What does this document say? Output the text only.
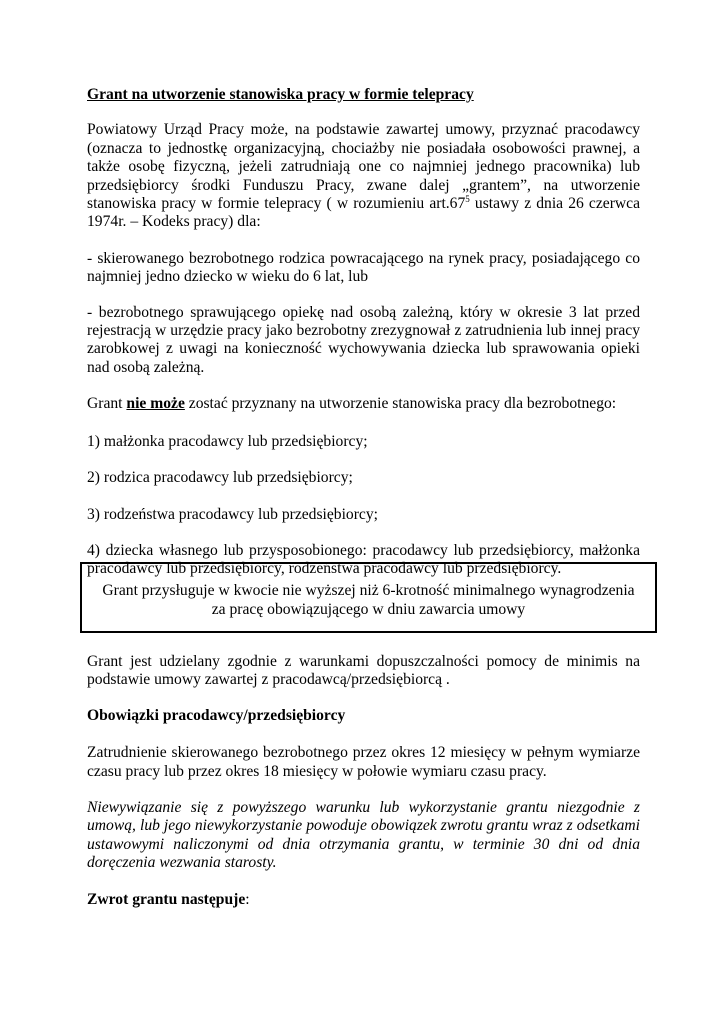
Grant na utworzenie stanowiska pracy w formie telepracy

Powiatowy Urząd Pracy może, na podstawie zawartej umowy, przyznać pracodawcy (oznacza to jednostkę organizacyjną, chociażby nie posiadała osobowości prawnej, a także osobę fizyczną, jeżeli zatrudniają one co najmniej jednego pracownika) lub przedsiębiorcy środki Funduszu Pracy, zwane dalej „grantem”, na utworzenie stanowiska pracy w formie telepracy ( w rozumieniu $art.67^5$ ustawy z dnia 26 czerwca 1974r. – Kodeks pracy) dla:

- skierowanego bezrobotnego rodzica powracającego na rynek pracy, posiadającego co najmniej jedno dziecko w wieku do 6 lat, lub

- bezrobotnego sprawującego opiekę nad osobą zależną, który w okresie 3 lat przed rejestracją w urzędzie pracy jako bezrobotny zrezygnował z zatrudnienia lub innej pracy zarobkowej z uwagi na konieczność wychowywania dziecka lub sprawowania opieki nad osobą zależną.

Grant nie może zostać przyznany na utworzenie stanowiska pracy dla bezrobotnego:

1) małżonka pracodawcy lub przedsiębiorcy;

2) rodzica pracodawcy lub przedsiębiorcy;

3) rodzeństwa pracodawcy lub przedsiębiorcy;

4) dziecka własnego lub przysposobionego: pracodawcy lub przedsiębiorcy, małżonka pracodawcy lub przedsiębiorcy, rodzeństwa pracodawcy lub przedsiębiorcy.

Grant przysługuje w kwocie nie wyższej niż 6-krotność minimalnego wynagrodzenia
za pracę obowiązującego w dniu zawarcia umowy

Grant jest udzielany zgodnie z warunkami dopuszczalności pomocy de minimis na podstawie umowy zawartej z pracodawcą/przedsiębiorcą .

Obowiązki pracodawcy/przedsiębiorcy

Zatrudnienie skierowanego bezrobotnego przez okres 12 miesięcy w pełnym wymiarze czasu pracy lub przez okres 18 miesięcy w połowie wymiaru czasu pracy.

Niewywiązanie się z powyższego warunku lub wykorzystanie grantu niezgodnie z umową, lub jego niewykorzystanie powoduje obowiązek zwrotu grantu wraz z odsetkami ustawowymi naliczonymi od dnia otrzymania grantu, w terminie 30 dni od dnia doręczenia wezwania starosty.

Zwrot grantu następuje:
